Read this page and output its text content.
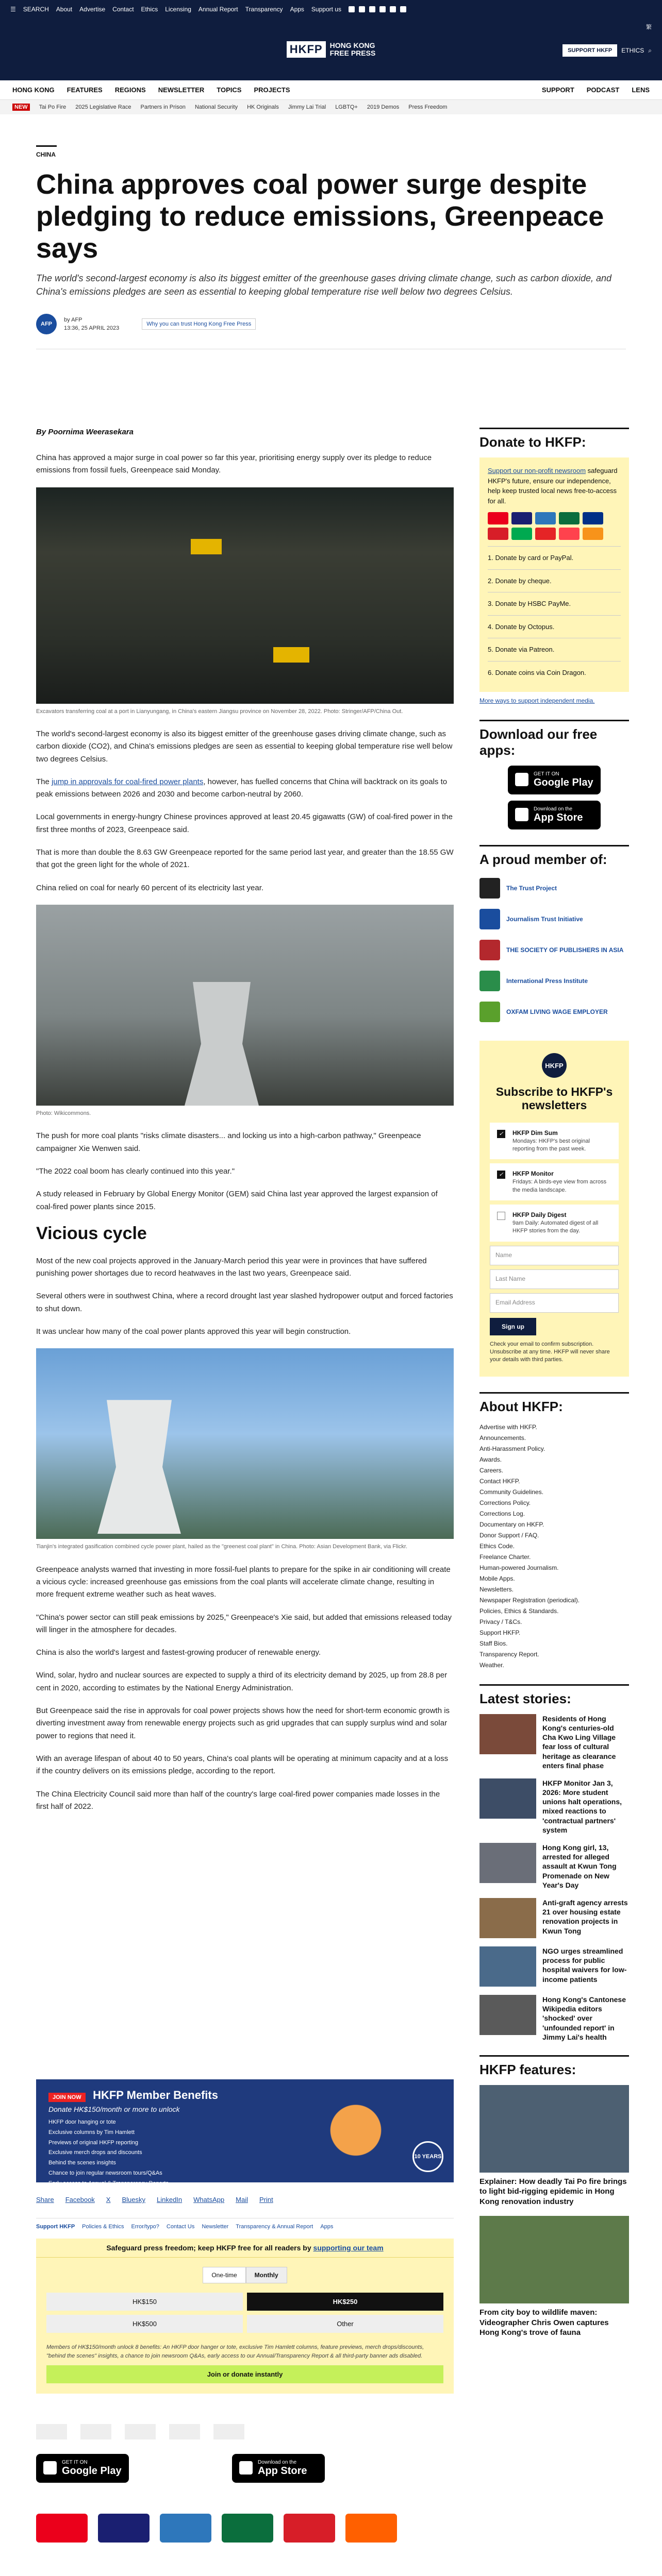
☰ SEARCH About Advertise Contact Ethics Licensing Annual Report Transparency Apps Support us
HKFP	HONG KONG
FREE PRESS
繁
SUPPORT HKFP	ETHICS ⌕
HONG KONG FEATURES REGIONS NEWSLETTER TOPICS PROJECTS	SUPPORT PODCAST LENS
NEW	Tai Po Fire 2025 Legislative Race Partners in Prison National Security HK Originals Jimmy Lai Trial LGBTQ+ 2019 Demos Press Freedom
CHINA
China approves coal power surge despite pledging to reduce emissions, Greenpeace says
The world's second-largest economy is also its biggest emitter of the greenhouse gases driving climate change, such as carbon dioxide, and China's emissions pledges are seen as essential to keeping global temperature rise well below two degrees Celsius.
AFP
by AFP
13:36, 25 APRIL 2023
Why you can trust Hong Kong Free Press
By Poornima Weerasekara

China has approved a major surge in coal power so far this year, prioritising energy supply over its pledge to reduce emissions from fossil fuels, Greenpeace said Monday.

Excavators transferring coal at a port in Lianyungang, in China's eastern Jiangsu province on November 28, 2022. Photo: Stringer/AFP/China Out.

The world's second-largest economy is also its biggest emitter of the greenhouse gases driving climate change, such as carbon dioxide (CO2), and China's emissions pledges are seen as essential to keeping global temperature rise well below two degrees Celsius.

The jump in approvals for coal-fired power plants, however, has fuelled concerns that China will backtrack on its goals to peak emissions between 2026 and 2030 and become carbon-neutral by 2060.

Local governments in energy-hungry Chinese provinces approved at least 20.45 gigawatts (GW) of coal-fired power in the first three months of 2023, Greenpeace said.

That is more than double the 8.63 GW Greenpeace reported for the same period last year, and greater than the 18.55 GW that got the green light for the whole of 2021.

China relied on coal for nearly 60 percent of its electricity last year.

Photo: Wikicommons.

The push for more coal plants "risks climate disasters... and locking us into a high-carbon pathway," Greenpeace campaigner Xie Wenwen said.

"The 2022 coal boom has clearly continued into this year."

A study released in February by Global Energy Monitor (GEM) said China last year approved the largest expansion of coal-fired power plants since 2015.

Vicious cycle

Most of the new coal projects approved in the January-March period this year were in provinces that have suffered punishing power shortages due to record heatwaves in the last two years, Greenpeace said.

Several others were in southwest China, where a record drought last year slashed hydropower output and forced factories to shut down.

It was unclear how many of the coal power plants approved this year will begin construction.

Tianjin's integrated gasification combined cycle power plant, hailed as the "greenest coal plant" in China. Photo: Asian Development Bank, via Flickr.

Greenpeace analysts warned that investing in more fossil-fuel plants to prepare for the spike in air conditioning will create a vicious cycle: increased greenhouse gas emissions from the coal plants will accelerate climate change, resulting in more frequent extreme weather such as heat waves.

"China's power sector can still peak emissions by 2025," Greenpeace's Xie said, but added that emissions released today will linger in the atmosphere for decades.

China is also the world's largest and fastest-growing producer of renewable energy.

Wind, solar, hydro and nuclear sources are expected to supply a third of its electricity demand by 2025, up from 28.8 per cent in 2020, according to estimates by the National Energy Administration.

But Greenpeace said the rise in approvals for coal power projects shows how the need for short-term economic growth is diverting investment away from renewable energy projects such as grid upgrades that can supply surplus wind and solar power to regions that need it.

With an average lifespan of about 40 to 50 years, China's coal plants will be operating at minimum capacity and at a loss if the country delivers on its emissions pledge, according to the report.

The China Electricity Council said more than half of the country's large coal-fired power companies made losses in the first half of 2022.

JOIN NOW HKFP Member Benefits
Donate HK$150/month or more to unlock
HKFP door hanging or tote
Exclusive columns by Tim Hamlett
Previews of original HKFP reporting
Exclusive merch drops and discounts
Behind the scenes insights
Chance to join regular newsroom tours/Q&As
Early access to Annual & Transparency Reports
All third-party banner ads disabled
10 YEARS
Share Facebook X Bluesky LinkedIn WhatsApp Mail Print
Support HKFP Policies & Ethics Error/typo? Contact Us Newsletter Transparency & Annual Report Apps
Safeguard press freedom; keep HKFP free for all readers by supporting our team
One-time	Monthly
HK$150	HK$250
HK$500	Other
Members of HK$150/month unlock 8 benefits: An HKFP door hanger or tote, exclusive Tim Hamlett columns, feature previews, merch drops/discounts, "behind the scenes" insights, a chance to join newsroom Q&As, early access to our Annual/Transparency Report & all third-party banner ads disabled.
Join or donate instantly
GET IT ON
Google Play
Download on the
App Store
Donate to HKFP:
Support our non-profit newsroom safeguard HKFP's future, ensure our independence, help keep trusted local news free-to-access for all.
1. Donate by card or PayPal.
2. Donate by cheque.
3. Donate by HSBC PayMe.
4. Donate by Octopus.
5. Donate via Patreon.
6. Donate coins via Coin Dragon.
More ways to support independent media.
Download our free apps:
GET IT ON
Google Play
Download on the
App Store
A proud member of:
The Trust Project
Journalism Trust Initiative
THE SOCIETY OF PUBLISHERS IN ASIA
International Press Institute
OXFAM LIVING WAGE EMPLOYER
HKFP
Subscribe to HKFP's newsletters
✓ HKFP Dim Sum
Mondays: HKFP's best original reporting from the past week.
✓ HKFP Monitor
Fridays: A birds-eye view from across the media landscape.
HKFP Daily Digest
9am Daily: Automated digest of all HKFP stories from the day.
Name
Last Name
Email Address
Sign up
Check your email to confirm subscription. Unsubscribe at any time. HKFP will never share your details with third parties.
About HKFP:
Advertise with HKFP.
Announcements.
Anti-Harassment Policy.
Awards.
Careers.
Contact HKFP.
Community Guidelines.
Corrections Policy.
Corrections Log.
Documentary on HKFP.
Donor Support / FAQ.
Ethics Code.
Freelance Charter.
Human-powered Journalism.
Mobile Apps.
Newsletters.
Newspaper Registration (periodical).
Policies, Ethics & Standards.
Privacy / T&Cs.
Support HKFP.
Staff Bios.
Transparency Report.
Weather.
Latest stories:
Residents of Hong Kong's centuries-old Cha Kwo Ling Village fear loss of cultural heritage as clearance enters final phase
HKFP Monitor Jan 3, 2026: More student unions halt operations, mixed reactions to 'contractual partners' system
Hong Kong girl, 13, arrested for alleged assault at Kwun Tong Promenade on New Year's Day
Anti-graft agency arrests 21 over housing estate renovation projects in Kwun Tong
NGO urges streamlined process for public hospital waivers for low-income patients
Hong Kong's Cantonese Wikipedia editors 'shocked' over 'unfounded report' in Jimmy Lai's health
HKFP features:
Explainer: How deadly Tai Po fire brings to light bid-rigging epidemic in Hong Kong renovation industry
From city boy to wildlife maven: Videographer Chris Owen captures Hong Kong's trove of fauna
